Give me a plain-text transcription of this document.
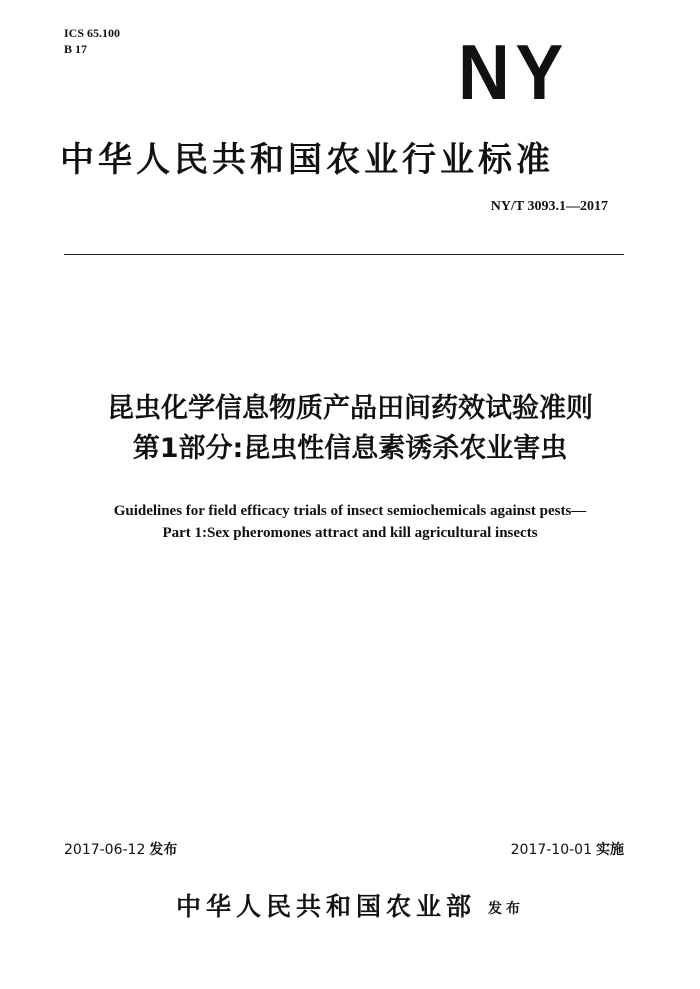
ICS 65.100
B 17	NY
中华人民共和国农业行业标准
NY/T 3093.1—2017
昆虫化学信息物质产品田间药效试验准则
第1部分:昆虫性信息素诱杀农业害虫
Guidelines for field efficacy trials of insect semiochemicals against pests—
Part 1:Sex pheromones attract and kill agricultural insects
2017-06-12 发布	2017-10-01 实施
中华人民共和国农业部 发布
